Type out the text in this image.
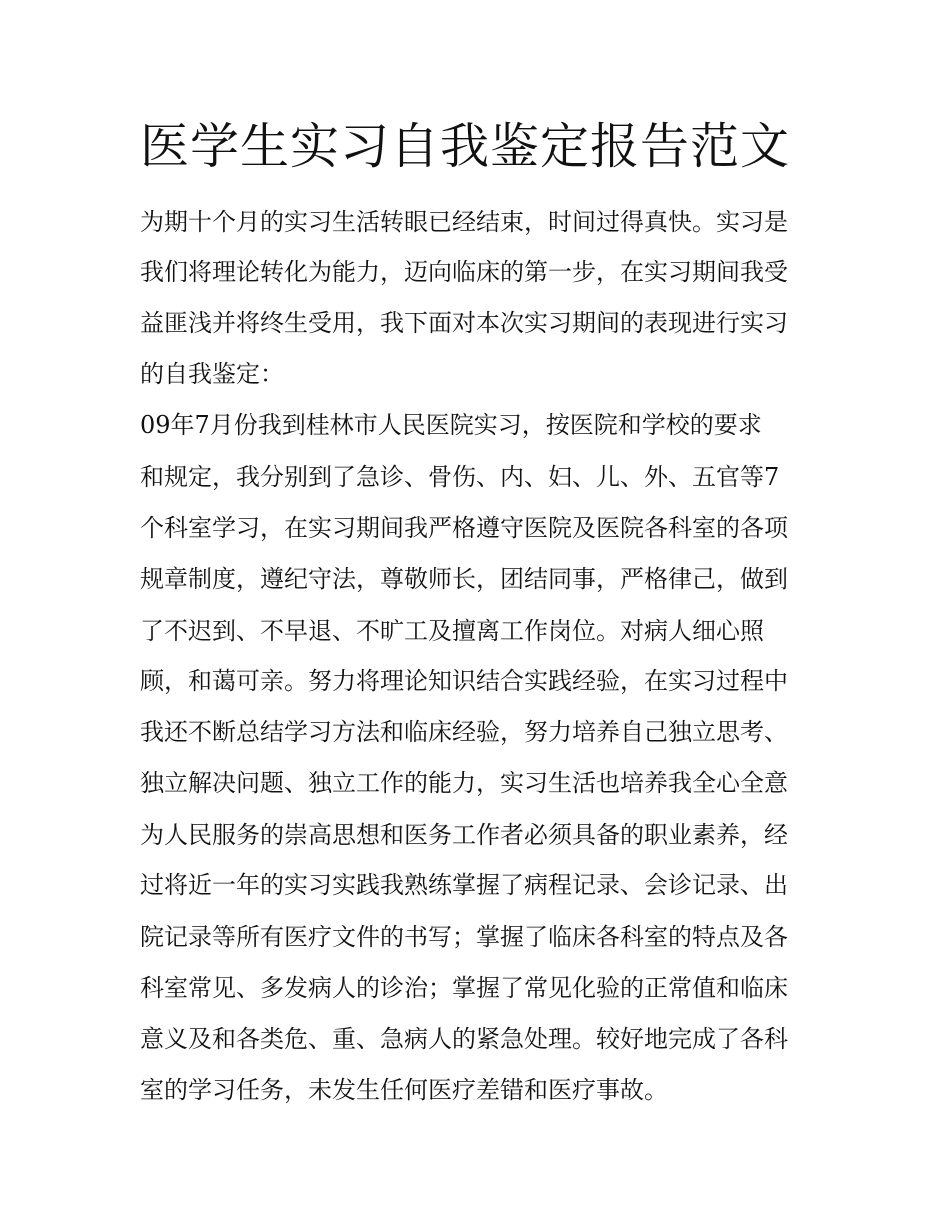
医学生实习自我鉴定报告范文

为期十个月的实习生活转眼已经结束，时间过得真快。实习是

我们将理论转化为能力，迈向临床的第一步，在实习期间我受

益匪浅并将终生受用，我下面对本次实习期间的表现进行实习

的自我鉴定：

09年7月份我到桂林市人民医院实习，按医院和学校的要求

和规定，我分别到了急诊、骨伤、内、妇、儿、外、五官等7

个科室学习，在实习期间我严格遵守医院及医院各科室的各项

规章制度，遵纪守法，尊敬师长，团结同事，严格律己，做到

了不迟到、不早退、不旷工及擅离工作岗位。对病人细心照

顾，和蔼可亲。努力将理论知识结合实践经验，在实习过程中

我还不断总结学习方法和临床经验，努力培养自己独立思考、

独立解决问题、独立工作的能力，实习生活也培养我全心全意

为人民服务的崇高思想和医务工作者必须具备的职业素养，经

过将近一年的实习实践我熟练掌握了病程记录、会诊记录、出

院记录等所有医疗文件的书写；掌握了临床各科室的特点及各

科室常见、多发病人的诊治；掌握了常见化验的正常值和临床

意义及和各类危、重、急病人的紧急处理。较好地完成了各科

室的学习任务，未发生任何医疗差错和医疗事故。
